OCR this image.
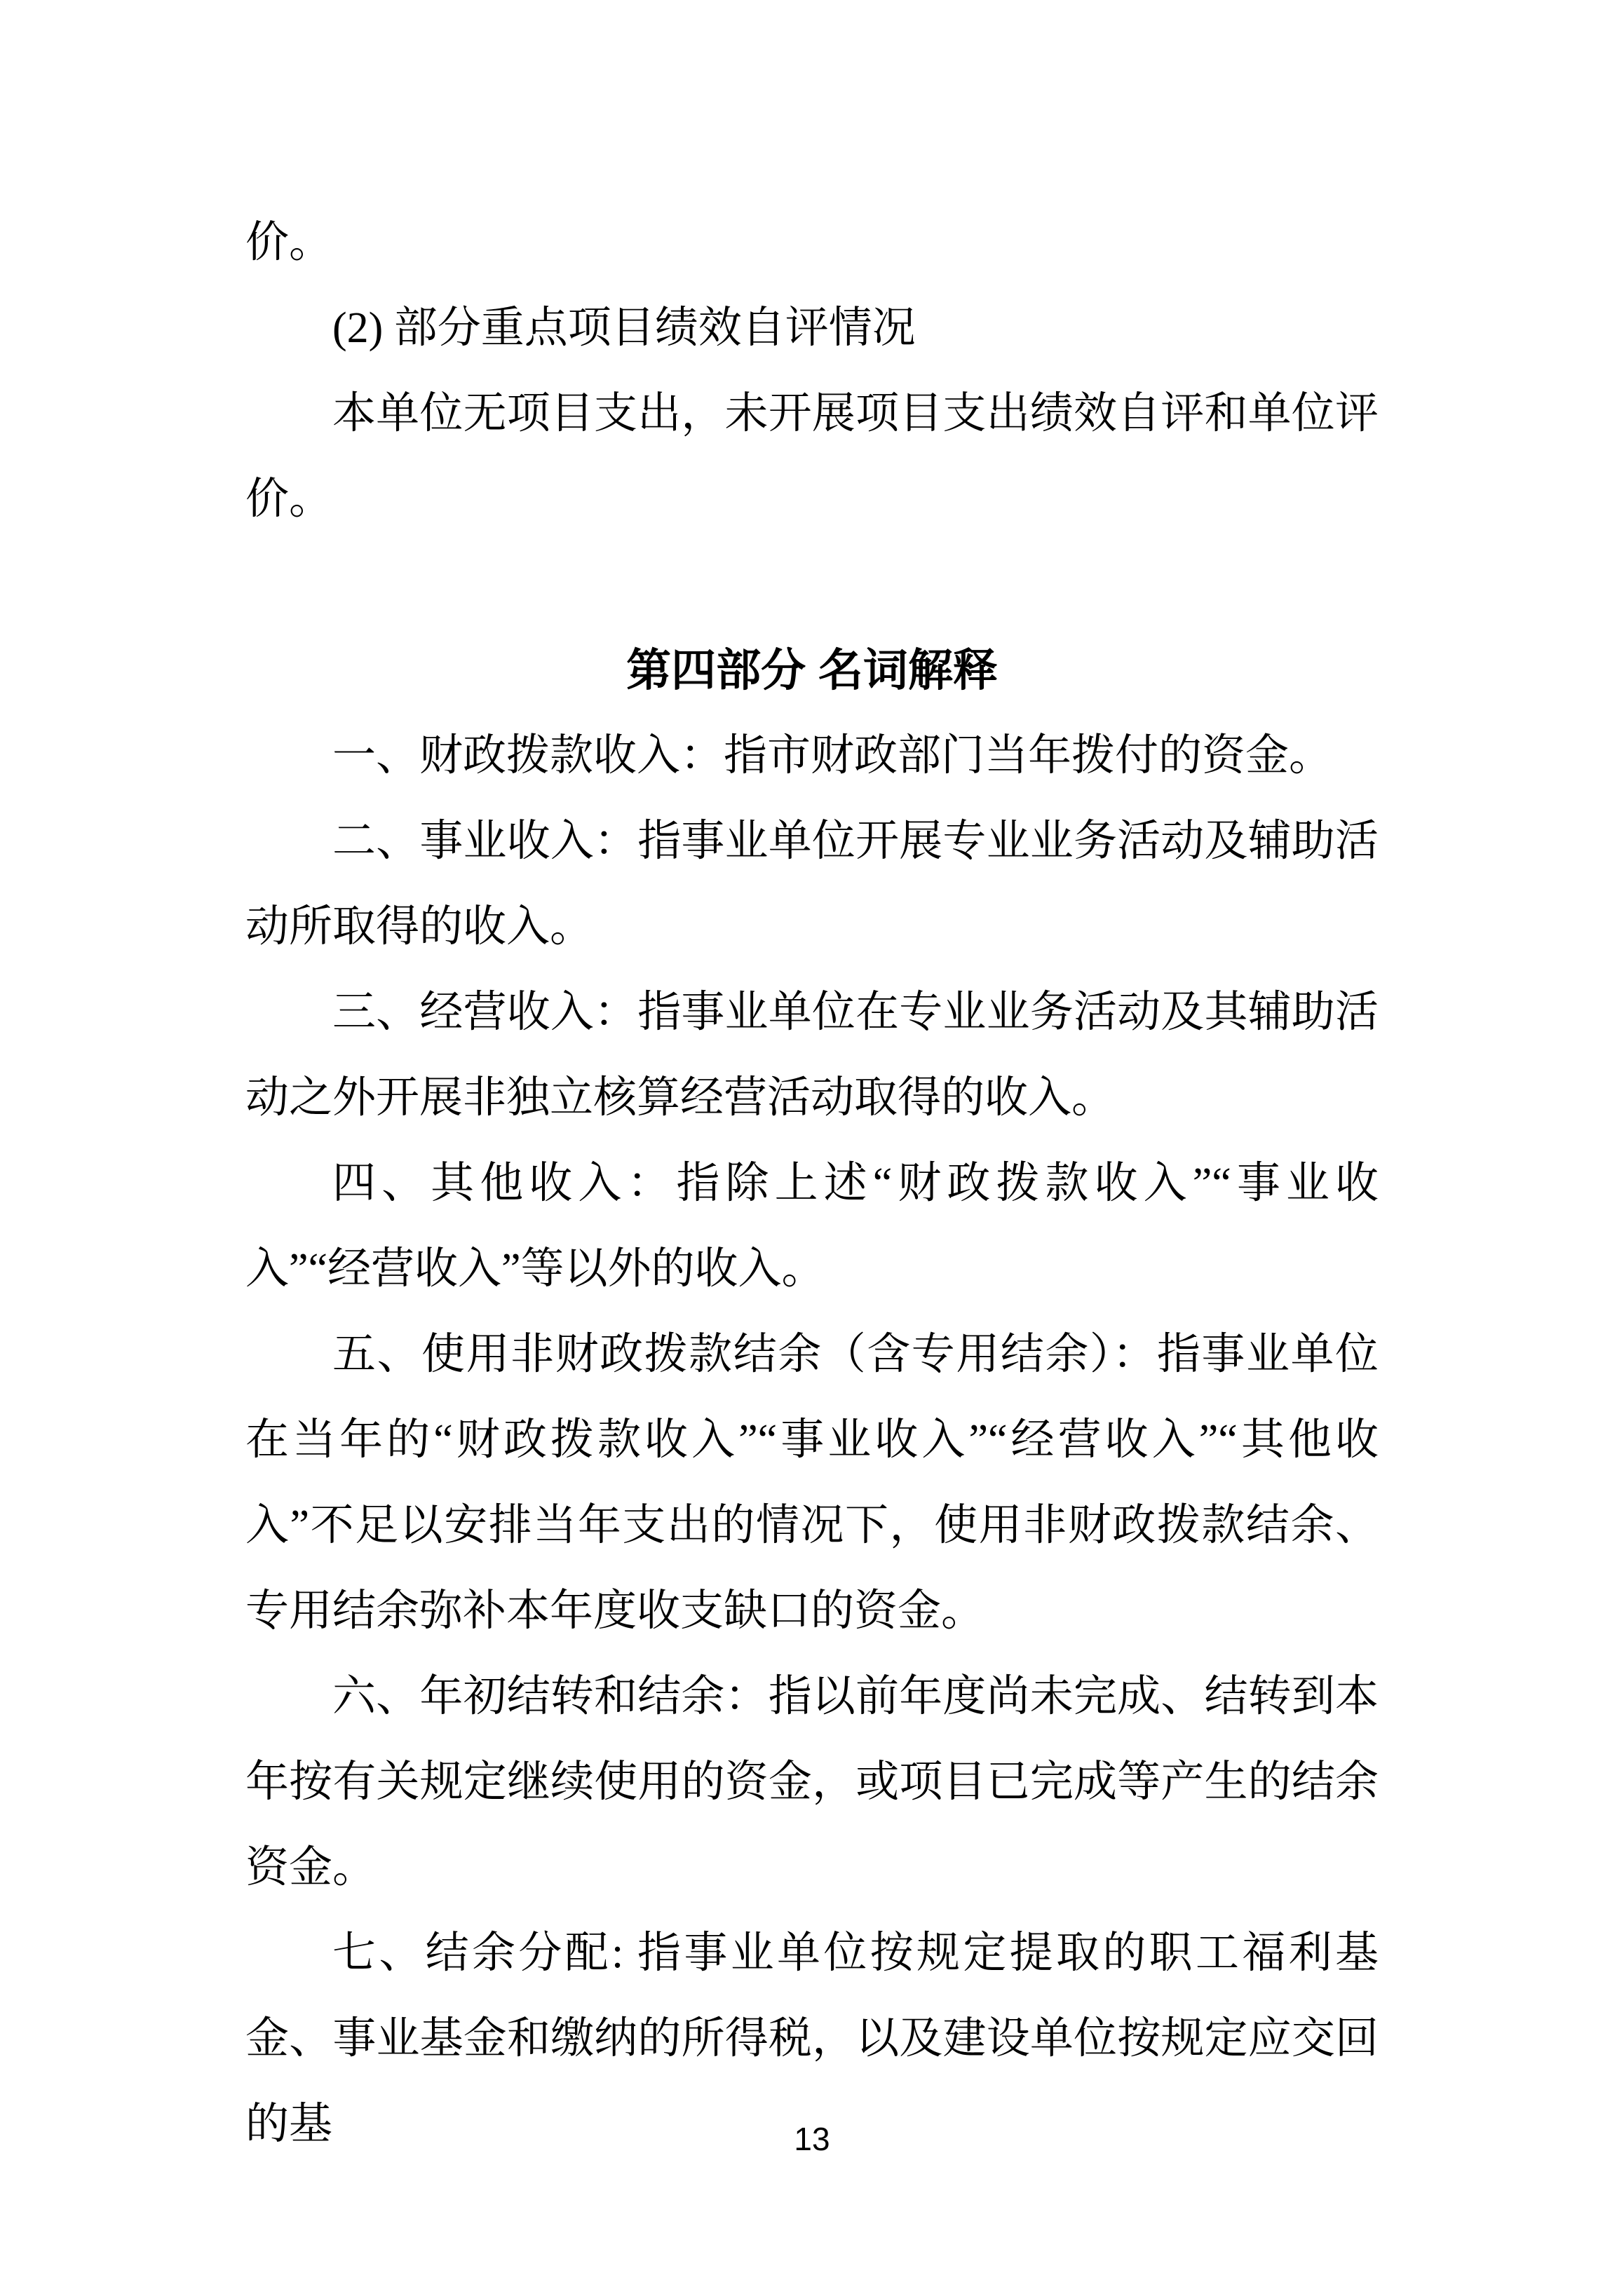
价。

(2) 部分重点项目绩效自评情况

本单位无项目支出，未开展项目支出绩效自评和单位评价。

第四部分 名词解释

一、财政拨款收入：指市财政部门当年拨付的资金。

二、事业收入：指事业单位开展专业业务活动及辅助活动所取得的收入。

三、经营收入：指事业单位在专业业务活动及其辅助活动之外开展非独立核算经营活动取得的收入。

四、其他收入：指除上述“财政拨款收入”“事业收入”“经营收入”等以外的收入。

五、使用非财政拨款结余（含专用结余）：指事业单位在当年的“财政拨款收入”“事业收入”“经营收入”“其他收入”不足以安排当年支出的情况下，使用非财政拨款结余、专用结余弥补本年度收支缺口的资金。

六、年初结转和结余：指以前年度尚未完成、结转到本年按有关规定继续使用的资金，或项目已完成等产生的结余资金。

七、结余分配: 指事业单位按规定提取的职工福利基金、事业基金和缴纳的所得税，以及建设单位按规定应交回的基	13
